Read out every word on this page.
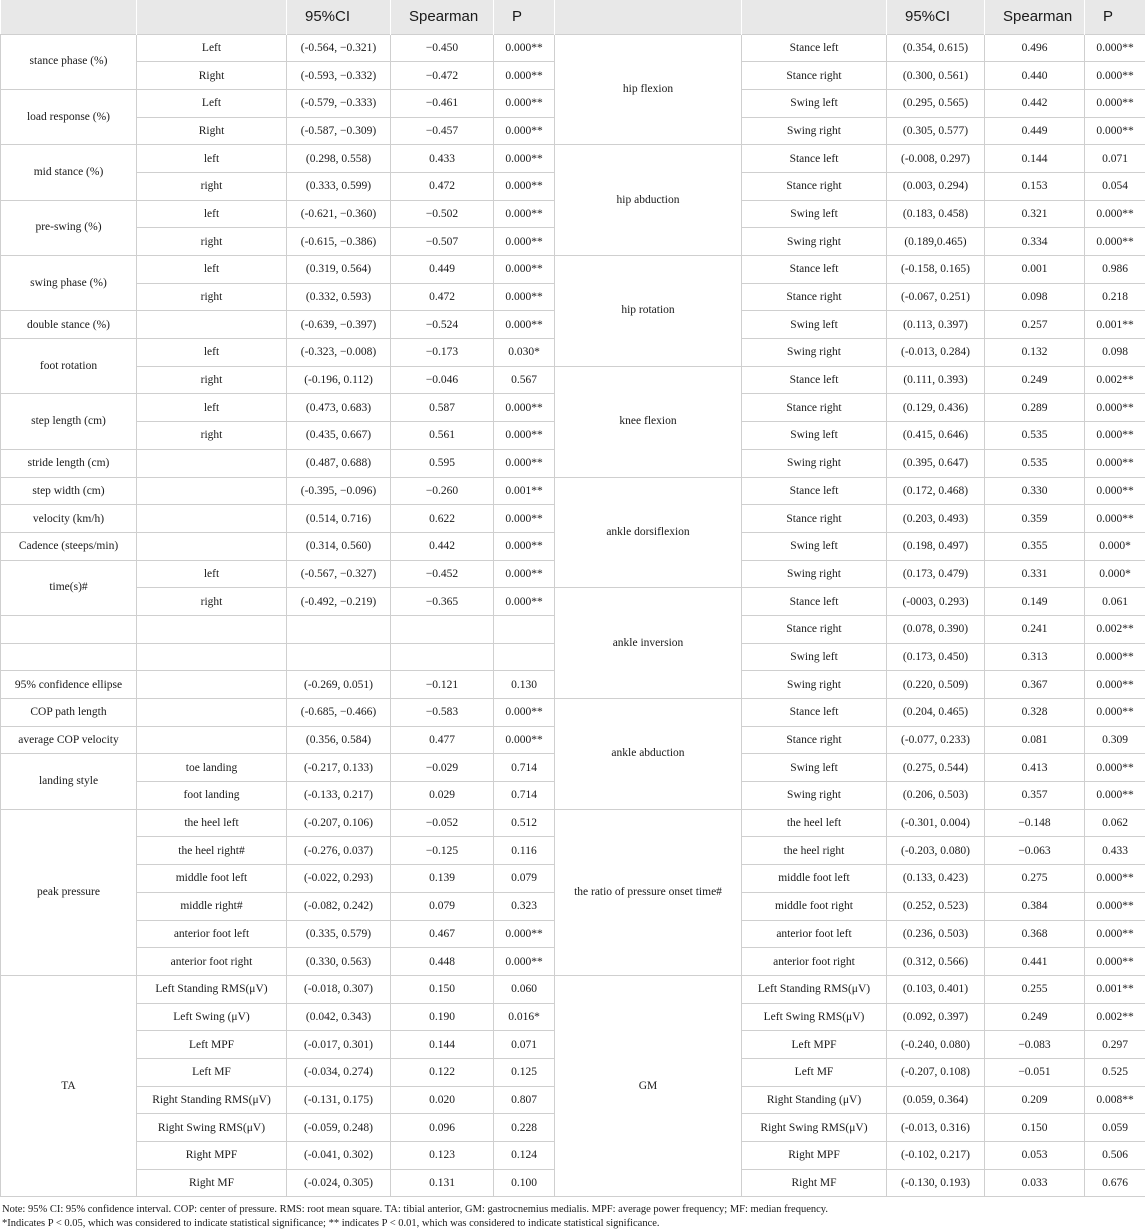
		95%CI	Spearman	P			95%CI	Spearman	P
stance phase (%)	Left	(-0.564, −0.321)	−0.450	0.000**	hip flexion	Stance left	(0.354, 0.615)	0.496	0.000**
	Right	(-0.593, −0.332)	−0.472	0.000**		Stance right	(0.300, 0.561)	0.440	0.000**
load response (%)	Left	(-0.579, −0.333)	−0.461	0.000**		Swing left	(0.295, 0.565)	0.442	0.000**
	Right	(-0.587, −0.309)	−0.457	0.000**		Swing right	(0.305, 0.577)	0.449	0.000**
mid stance (%)	left	(0.298, 0.558)	0.433	0.000**	hip abduction	Stance left	(-0.008, 0.297)	0.144	0.071
	right	(0.333, 0.599)	0.472	0.000**		Stance right	(0.003, 0.294)	0.153	0.054
pre-swing (%)	left	(-0.621, −0.360)	−0.502	0.000**		Swing left	(0.183, 0.458)	0.321	0.000**
	right	(-0.615, −0.386)	−0.507	0.000**		Swing right	(0.189,0.465)	0.334	0.000**
swing phase (%)	left	(0.319, 0.564)	0.449	0.000**	hip rotation	Stance left	(-0.158, 0.165)	0.001	0.986
	right	(0.332, 0.593)	0.472	0.000**		Stance right	(-0.067, 0.251)	0.098	0.218
double stance (%)		(-0.639, −0.397)	−0.524	0.000**		Swing left	(0.113, 0.397)	0.257	0.001**
foot rotation	left	(-0.323, −0.008)	−0.173	0.030*		Swing right	(-0.013, 0.284)	0.132	0.098
	right	(-0.196, 0.112)	−0.046	0.567	knee flexion	Stance left	(0.111, 0.393)	0.249	0.002**
step length (cm)	left	(0.473, 0.683)	0.587	0.000**		Stance right	(0.129, 0.436)	0.289	0.000**
	right	(0.435, 0.667)	0.561	0.000**		Swing left	(0.415, 0.646)	0.535	0.000**
stride length (cm)		(0.487, 0.688)	0.595	0.000**		Swing right	(0.395, 0.647)	0.535	0.000**
step width (cm)		(-0.395, −0.096)	−0.260	0.001**	ankle dorsiflexion	Stance left	(0.172, 0.468)	0.330	0.000**
velocity (km/h)		(0.514, 0.716)	0.622	0.000**		Stance right	(0.203, 0.493)	0.359	0.000**
Cadence (steeps/min)		(0.314, 0.560)	0.442	0.000**		Swing left	(0.198, 0.497)	0.355	0.000*
time(s)#	left	(-0.567, −0.327)	−0.452	0.000**		Swing right	(0.173, 0.479)	0.331	0.000*
	right	(-0.492, −0.219)	−0.365	0.000**	ankle inversion	Stance left	(-0003, 0.293)	0.149	0.061
						Stance right	(0.078, 0.390)	0.241	0.002**
						Swing left	(0.173, 0.450)	0.313	0.000**
95% confidence ellipse		(-0.269, 0.051)	−0.121	0.130		Swing right	(0.220, 0.509)	0.367	0.000**
COP path length		(-0.685, −0.466)	−0.583	0.000**	ankle abduction	Stance left	(0.204, 0.465)	0.328	0.000**
average COP velocity		(0.356, 0.584)	0.477	0.000**		Stance right	(-0.077, 0.233)	0.081	0.309
landing style	toe landing	(-0.217, 0.133)	−0.029	0.714		Swing left	(0.275, 0.544)	0.413	0.000**
	foot landing	(-0.133, 0.217)	0.029	0.714		Swing right	(0.206, 0.503)	0.357	0.000**
peak pressure	the heel left	(-0.207, 0.106)	−0.052	0.512	the ratio of pressure onset time#	the heel left	(-0.301, 0.004)	−0.148	0.062
	the heel right#	(-0.276, 0.037)	−0.125	0.116		the heel right	(-0.203, 0.080)	−0.063	0.433
	middle foot left	(-0.022, 0.293)	0.139	0.079		middle foot left	(0.133, 0.423)	0.275	0.000**
	middle right#	(-0.082, 0.242)	0.079	0.323		middle foot right	(0.252, 0.523)	0.384	0.000**
	anterior foot left	(0.335, 0.579)	0.467	0.000**		anterior foot left	(0.236, 0.503)	0.368	0.000**
	anterior foot right	(0.330, 0.563)	0.448	0.000**		anterior foot right	(0.312, 0.566)	0.441	0.000**
TA	Left Standing RMS(μV)	(-0.018, 0.307)	0.150	0.060	GM	Left Standing RMS(μV)	(0.103, 0.401)	0.255	0.001**
	Left Swing (μV)	(0.042, 0.343)	0.190	0.016*		Left Swing RMS(μV)	(0.092, 0.397)	0.249	0.002**
	Left MPF	(-0.017, 0.301)	0.144	0.071		Left MPF	(-0.240, 0.080)	−0.083	0.297
	Left MF	(-0.034, 0.274)	0.122	0.125		Left MF	(-0.207, 0.108)	−0.051	0.525
	Right Standing RMS(μV)	(-0.131, 0.175)	0.020	0.807		Right Standing (μV)	(0.059, 0.364)	0.209	0.008**
	Right Swing RMS(μV)	(-0.059, 0.248)	0.096	0.228		Right Swing RMS(μV)	(-0.013, 0.316)	0.150	0.059
	Right MPF	(-0.041, 0.302)	0.123	0.124		Right MPF	(-0.102, 0.217)	0.053	0.506
	Right MF	(-0.024, 0.305)	0.131	0.100		Right MF	(-0.130, 0.193)	0.033	0.676
Note: 95% CI: 95% confidence interval. COP: center of pressure. RMS: root mean square. TA: tibial anterior, GM: gastrocnemius medialis. MPF: average power frequency; MF: median frequency.
*Indicates P < 0.05, which was considered to indicate statistical significance; ** indicates P < 0.01, which was considered to indicate statistical significance.
